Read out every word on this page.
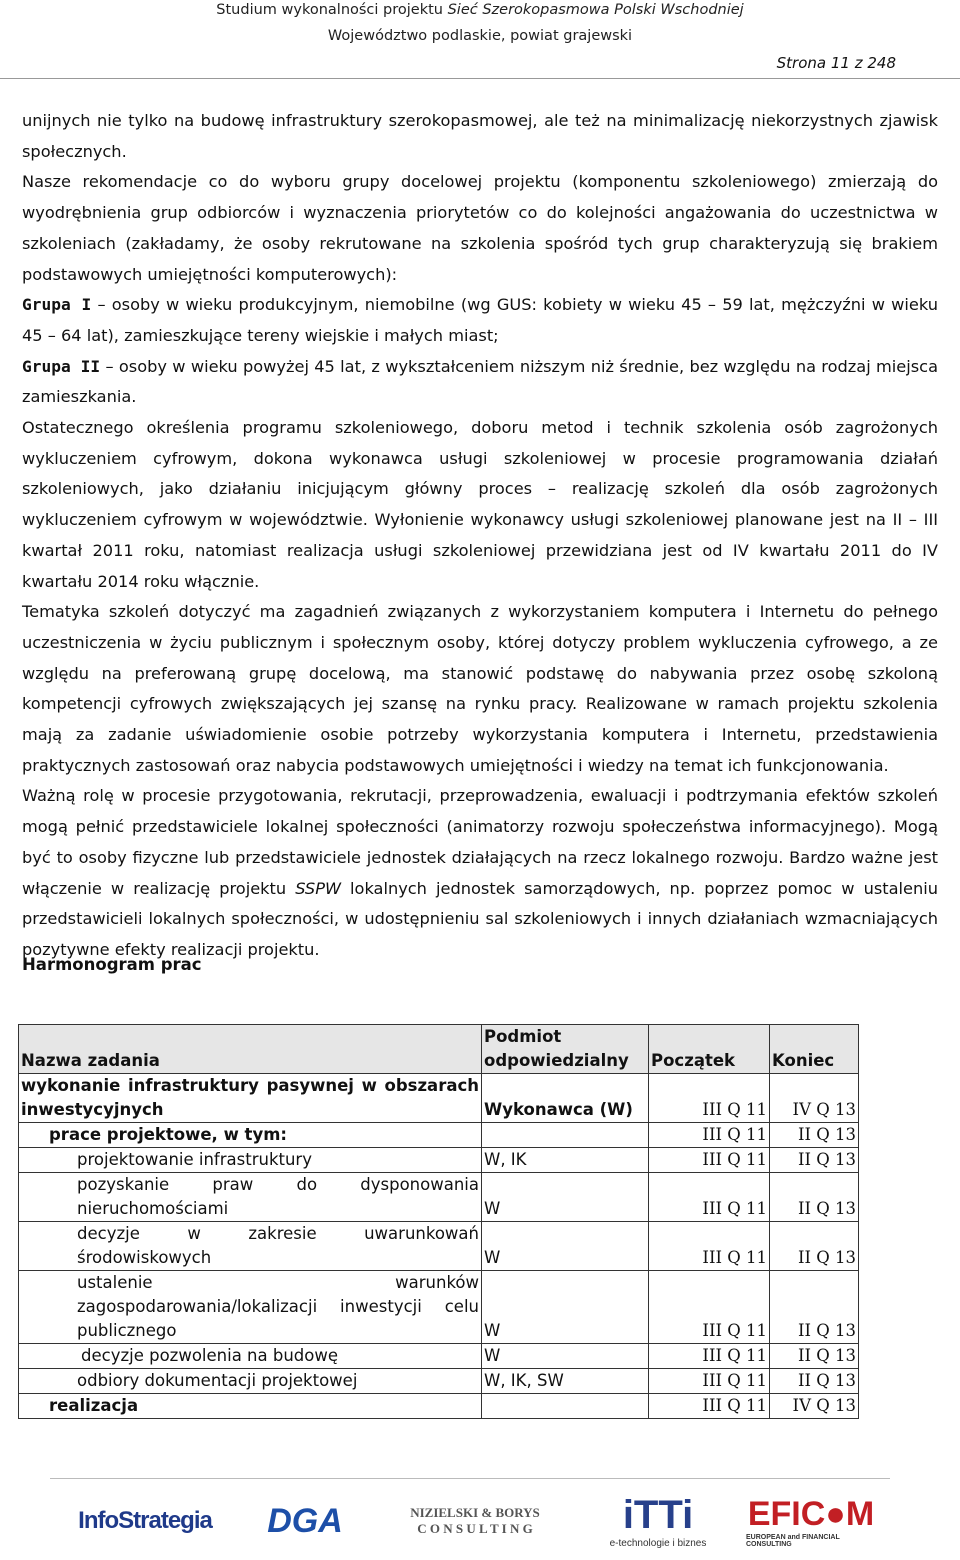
Studium wykonalności projektu Sieć Szerokopasmowa Polski Wschodniej
Województwo podlaskie, powiat grajewski
Strona 11 z 248

unijnych nie tylko na budowę infrastruktury szerokopasmowej, ale też na minimalizację niekorzystnych zjawisk społecznych.

Nasze rekomendacje co do wyboru grupy docelowej projektu (komponentu szkoleniowego) zmierzają do wyodrębnienia grup odbiorców i wyznaczenia priorytetów co do kolejności angażowania do uczestnictwa w szkoleniach (zakładamy, że osoby rekrutowane na szkolenia spośród tych grup charakteryzują się brakiem podstawowych umiejętności komputerowych):

Grupa I – osoby w wieku produkcyjnym, niemobilne (wg GUS: kobiety w wieku 45 – 59 lat, mężczyźni w wieku 45 – 64 lat), zamieszkujące tereny wiejskie i małych miast;

Grupa II – osoby w wieku powyżej 45 lat, z wykształceniem niższym niż średnie, bez względu na rodzaj miejsca zamieszkania.

Ostatecznego określenia programu szkoleniowego, doboru metod i technik szkolenia osób zagrożonych wykluczeniem cyfrowym, dokona wykonawca usługi szkoleniowej w procesie programowania działań szkoleniowych, jako działaniu inicjującym główny proces – realizację szkoleń dla osób zagrożonych wykluczeniem cyfrowym w województwie. Wyłonienie wykonawcy usługi szkoleniowej planowane jest na II – III kwartał 2011 roku, natomiast realizacja usługi szkoleniowej przewidziana jest od IV kwartału 2011 do IV kwartału 2014 roku włącznie.

Tematyka szkoleń dotyczyć ma zagadnień związanych z wykorzystaniem komputera i Internetu do pełnego uczestniczenia w życiu publicznym i społecznym osoby, której dotyczy problem wykluczenia cyfrowego, a ze względu na preferowaną grupę docelową, ma stanowić podstawę do nabywania przez osobę szkoloną kompetencji cyfrowych zwiększających jej szansę na rynku pracy. Realizowane w ramach projektu szkolenia mają za zadanie uświadomienie osobie potrzeby wykorzystania komputera i Internetu, przedstawienia praktycznych zastosowań oraz nabycia podstawowych umiejętności i wiedzy na temat ich funkcjonowania.

Ważną rolę w procesie przygotowania, rekrutacji, przeprowadzenia, ewaluacji i podtrzymania efektów szkoleń mogą pełnić przedstawiciele lokalnej społeczności (animatorzy rozwoju społeczeństwa informacyjnego). Mogą być to osoby fizyczne lub przedstawiciele jednostek działających na rzecz lokalnego rozwoju. Bardzo ważne jest włączenie w realizację projektu SSPW lokalnych jednostek samorządowych, np. poprzez pomoc w ustaleniu przedstawicieli lokalnych społeczności, w udostępnieniu sal szkoleniowych i innych działaniach wzmacniających pozytywne efekty realizacji projektu.

Harmonogram prac
Nazwa zadania	Podmiot odpowiedzialny	Początek	Koniec

wykonanie infrastruktury pasywnej w obszarach inwestycyjnych	Wykonawca (W)	III Q 11	IV Q 13
prace projektowe, w tym:		III Q 11	II Q 13
projektowanie infrastruktury	W, IK	III Q 11	II Q 13

pozyskanie praw do dysponowania nieruchomościami	W	III Q 11	II Q 13

decyzje w zakresie uwarunkowań środowiskowych	W	III Q 11	II Q 13

ustalenie warunków zagospodarowania/lokalizacji inwestycji celu publicznego	W	III Q 11	II Q 13
decyzje pozwolenia na budowę	W	III Q 11	II Q 13
odbiory dokumentacji projektowej	W, IK, SW	III Q 11	II Q 13
realizacja		III Q 11	IV Q 13
InfoStrategia	DGA	NIZIELSKI & BORYS
C O N S U L T I N G iTTi
e-technologie i biznes
EFIC●M
EUROPEAN and FINANCIAL CONSULTING
